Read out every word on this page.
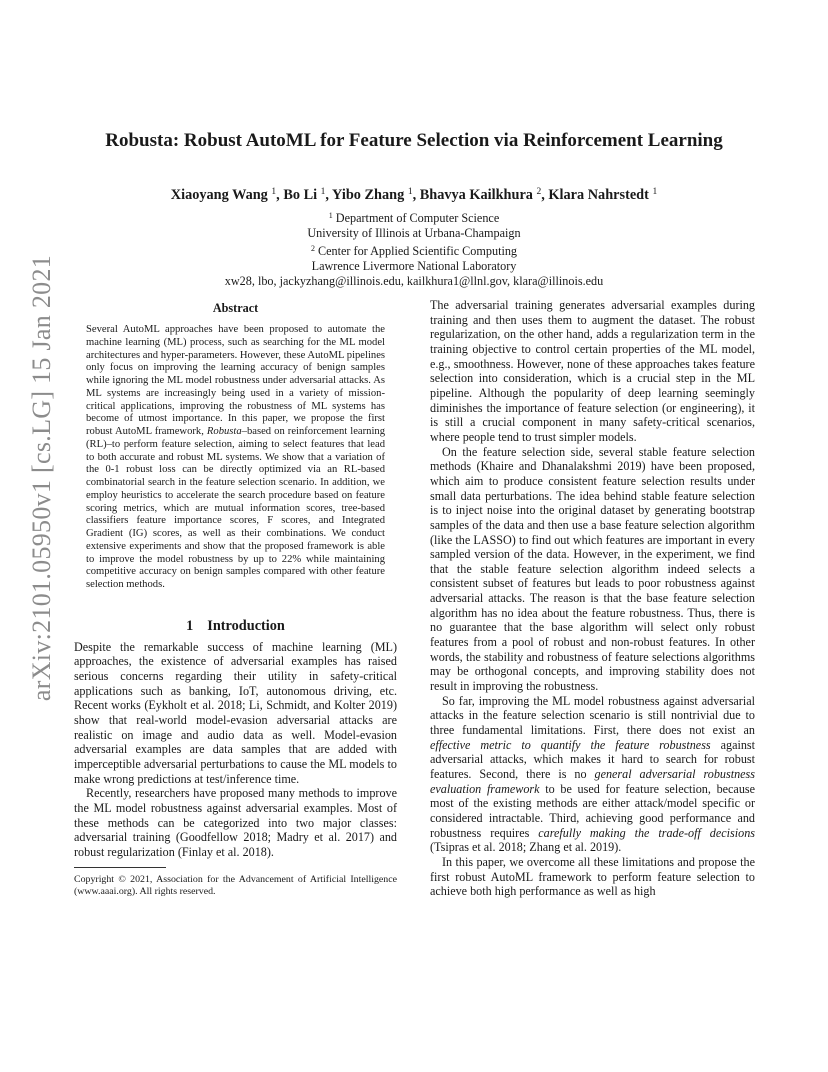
arXiv:2101.05950v1 [cs.LG] 15 Jan 2021
Robusta: Robust AutoML for Feature Selection via Reinforcement Learning
Xiaoyang Wang $^1$, Bo Li $^1$, Yibo Zhang $^1$, Bhavya Kailkhura $^2$, Klara Nahrstedt $^1$
$^1$ Department of Computer Science
University of Illinois at Urbana-Champaign
$^2$ Center for Applied Scientific Computing
Lawrence Livermore National Laboratory
xw28, lbo, jackyzhang@illinois.edu, kailkhura1@llnl.gov, klara@illinois.edu
Abstract
Several AutoML approaches have been proposed to automate the machine learning (ML) process, such as searching for the ML model architectures and hyper-parameters. However, these AutoML pipelines only focus on improving the learning accuracy of benign samples while ignoring the ML model robustness under adversarial attacks. As ML systems are increasingly being used in a variety of mission-critical applications, improving the robustness of ML systems has become of utmost importance. In this paper, we propose the first robust AutoML framework, Robusta–based on reinforcement learning (RL)–to perform feature selection, aiming to select features that lead to both accurate and robust ML systems. We show that a variation of the 0-1 robust loss can be directly optimized via an RL-based combinatorial search in the feature selection scenario. In addition, we employ heuristics to accelerate the search procedure based on feature scoring metrics, which are mutual information scores, tree-based classifiers feature importance scores, F scores, and Integrated Gradient (IG) scores, as well as their combinations. We conduct extensive experiments and show that the proposed framework is able to improve the model robustness by up to 22% while maintaining competitive accuracy on benign samples compared with other feature selection methods.
1 Introduction

Despite the remarkable success of machine learning (ML) approaches, the existence of adversarial examples has raised serious concerns regarding their utility in safety-critical applications such as banking, IoT, autonomous driving, etc. Recent works (Eykholt et al. 2018; Li, Schmidt, and Kolter 2019) show that real-world model-evasion adversarial attacks are realistic on image and audio data as well. Model-evasion adversarial examples are data samples that are added with imperceptible adversarial perturbations to cause the ML models to make wrong predictions at test/inference time.

Recently, researchers have proposed many methods to improve the ML model robustness against adversarial examples. Most of these methods can be categorized into two major classes: adversarial training (Goodfellow 2018; Madry et al. 2017) and robust regularization (Finlay et al. 2018).

Copyright © 2021, Association for the Advancement of Artificial Intelligence (www.aaai.org). All rights reserved.

The adversarial training generates adversarial examples during training and then uses them to augment the dataset. The robust regularization, on the other hand, adds a regularization term in the training objective to control certain properties of the ML model, e.g., smoothness. However, none of these approaches takes feature selection into consideration, which is a crucial step in the ML pipeline. Although the popularity of deep learning seemingly diminishes the importance of feature selection (or engineering), it is still a crucial component in many safety-critical scenarios, where people tend to trust simpler models.

On the feature selection side, several stable feature selection methods (Khaire and Dhanalakshmi 2019) have been proposed, which aim to produce consistent feature selection results under small data perturbations. The idea behind stable feature selection is to inject noise into the original dataset by generating bootstrap samples of the data and then use a base feature selection algorithm (like the LASSO) to find out which features are important in every sampled version of the data. However, in the experiment, we find that the stable feature selection algorithm indeed selects a consistent subset of features but leads to poor robustness against adversarial attacks. The reason is that the base feature selection algorithm has no idea about the feature robustness. Thus, there is no guarantee that the base algorithm will select only robust features from a pool of robust and non-robust features. In other words, the stability and robustness of feature selections algorithms may be orthogonal concepts, and improving stability does not result in improving the robustness.

So far, improving the ML model robustness against adversarial attacks in the feature selection scenario is still nontrivial due to three fundamental limitations. First, there does not exist an effective metric to quantify the feature robustness against adversarial attacks, which makes it hard to search for robust features. Second, there is no general adversarial robustness evaluation framework to be used for feature selection, because most of the existing methods are either attack/model specific or considered intractable. Third, achieving good performance and robustness requires carefully making the trade-off decisions (Tsipras et al. 2018; Zhang et al. 2019).

In this paper, we overcome all these limitations and propose the first robust AutoML framework to perform feature selection to achieve both high performance as well as high
